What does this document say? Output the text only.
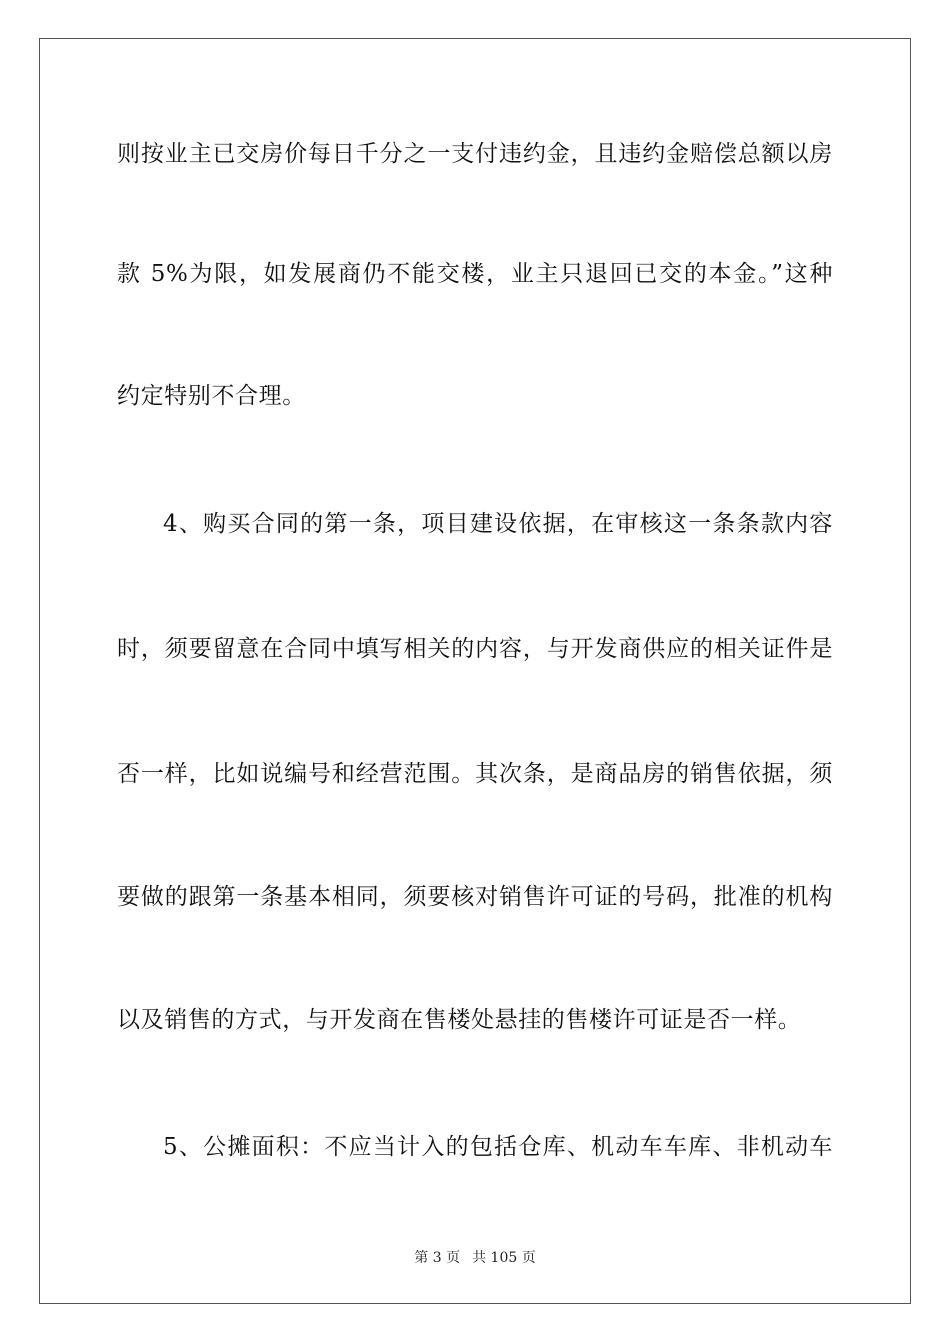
则按业主已交房价每日千分之一支付违约金，且违约金赔偿总额以房
款 5%为限，如发展商仍不能交楼，业主只退回已交的本金。”这种
约定特别不合理。
4、购买合同的第一条，项目建设依据，在审核这一条条款内容
时，须要留意在合同中填写相关的内容，与开发商供应的相关证件是
否一样，比如说编号和经营范围。其次条，是商品房的销售依据，须
要做的跟第一条基本相同，须要核对销售许可证的号码，批准的机构
以及销售的方式，与开发商在售楼处悬挂的售楼许可证是否一样。
5、公摊面积：不应当计入的包括仓库、机动车车库、非机动车
第 3 页 共 105 页
